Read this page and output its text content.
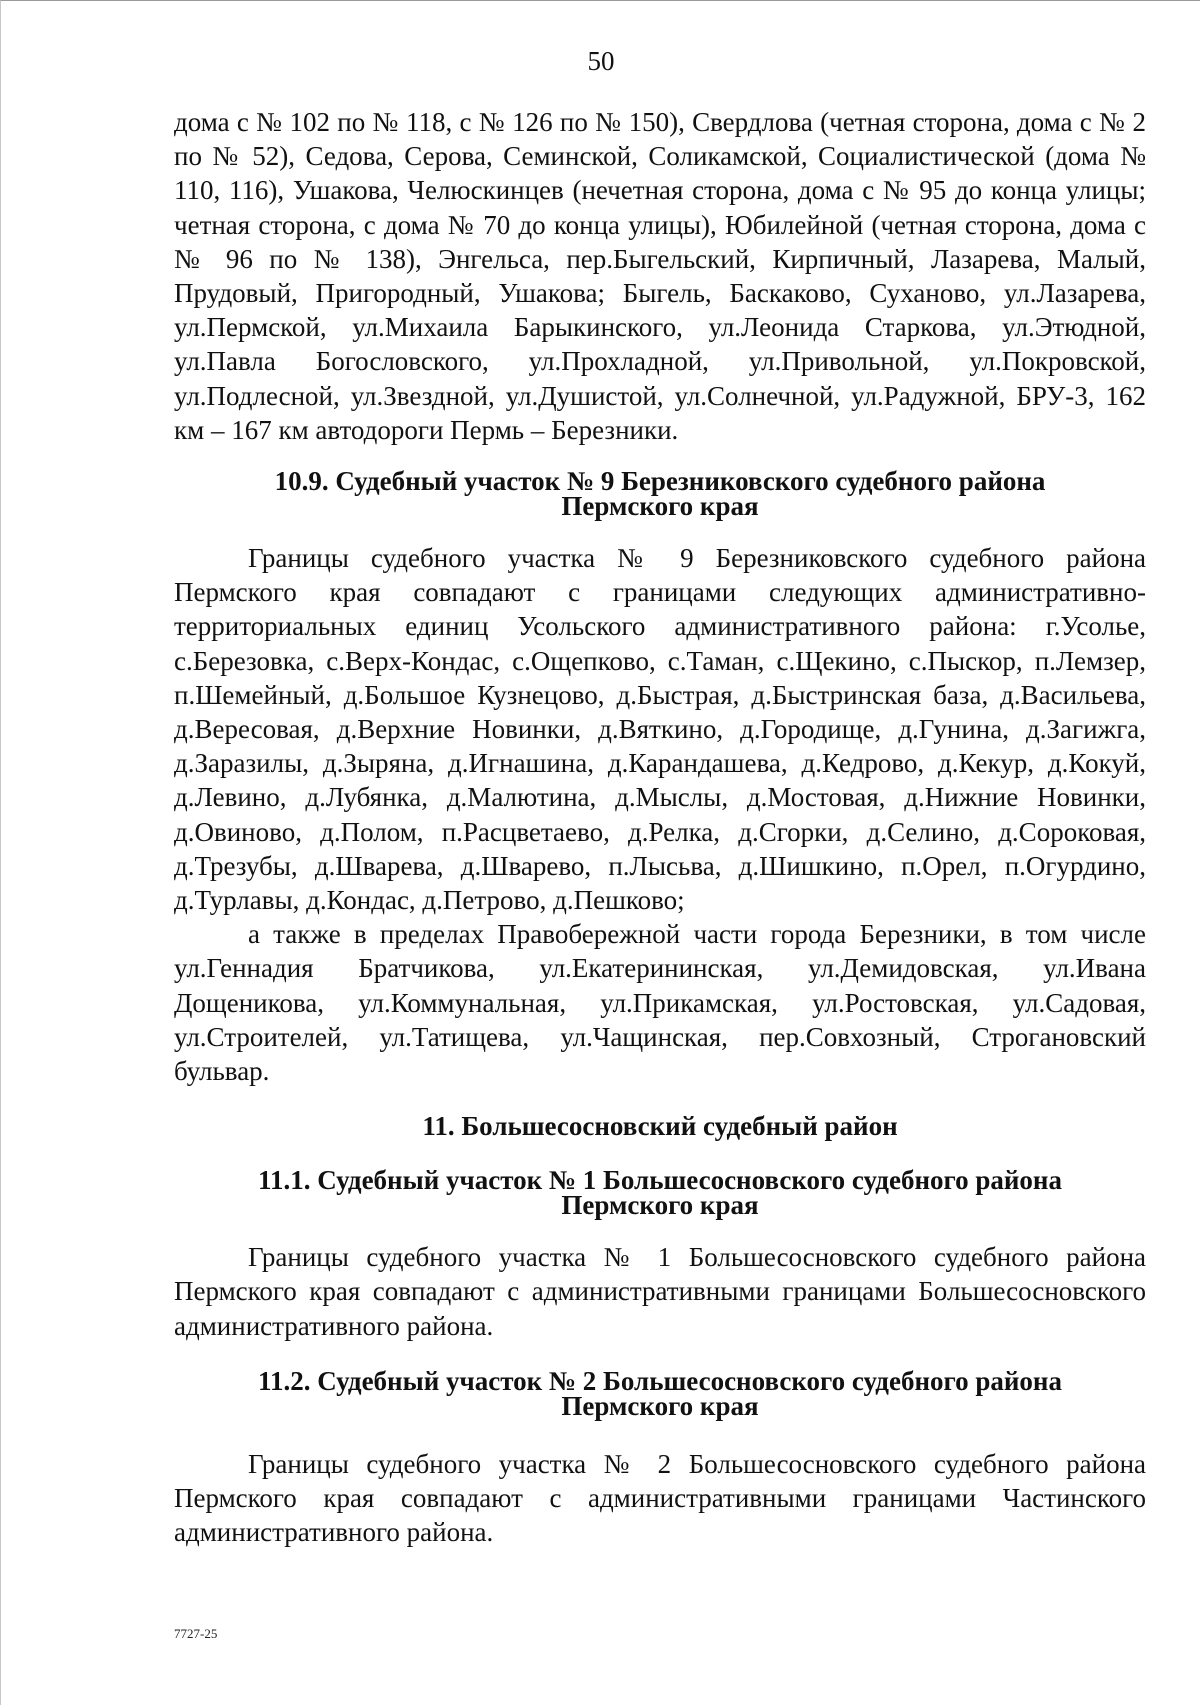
50

дома с № 102 по № 118, с № 126 по № 150), Свердлова (четная сторона, дома с № 2 по № 52), Седова, Серова, Семинской, Соликамской, Социалистической (дома № 110, 116), Ушакова, Челюскинцев (нечетная сторона, дома с № 95 до конца улицы; четная сторона, с дома № 70 до конца улицы), Юбилейной (четная сторона, дома с № 96 по № 138), Энгельса, пер.Быгельский, Кирпичный, Лазарева, Малый, Прудовый, Пригородный, Ушакова; Быгель, Баскаково, Суханово, ул.Лазарева, ул.Пермской, ул.Михаила Барыкинского, ул.Леонида Старкова, ул.Этюдной, ул.Павла Богословского, ул.Прохладной, ул.Привольной, ул.Покровской, ул.Подлесной, ул.Звездной, ул.Душистой, ул.Солнечной, ул.Радужной, БРУ-3, 162 км – 167 км автодороги Пермь – Березники.

10.9. Судебный участок № 9 Березниковского судебного района

Пермского края

Границы судебного участка № 9 Березниковского судебного района Пермского края совпадают с границами следующих административно-территориальных единиц Усольского административного района: г.Усолье, с.Березовка, с.Верх-Кондас, с.Ощепково, с.Таман, с.Щекино, с.Пыскор, п.Лемзер, п.Шемейный, д.Большое Кузнецово, д.Быстрая, д.Быстринская база, д.Васильева, д.Вересовая, д.Верхние Новинки, д.Вяткино, д.Городище, д.Гунина, д.Загижга, д.Заразилы, д.Зыряна, д.Игнашина, д.Карандашева, д.Кедрово, д.Кекур, д.Кокуй, д.Левино, д.Лубянка, д.Малютина, д.Мыслы, д.Мостовая, д.Нижние Новинки, д.Овиново, д.Полом, п.Расцветаево, д.Релка, д.Сгорки, д.Селино, д.Сороковая, д.Трезубы, д.Шварева, д.Шварево, п.Лысьва, д.Шишкино, п.Орел, п.Огурдино, д.Турлавы, д.Кондас, д.Петрово, д.Пешково;

а также в пределах Правобережной части города Березники, в том числе ул.Геннадия Братчикова, ул.Екатерининская, ул.Демидовская, ул.Ивана Дощеникова, ул.Коммунальная, ул.Прикамская, ул.Ростовская, ул.Садовая, ул.Строителей, ул.Татищева, ул.Чащинская, пер.Совхозный, Строгановский бульвар.

11. Большесосновский судебный район

11.1. Судебный участок № 1 Большесосновского судебного района

Пермского края

Границы судебного участка № 1 Большесосновского судебного района Пермского края совпадают с административными границами Большесосновского административного района.

11.2. Судебный участок № 2 Большесосновского судебного района

Пермского края

Границы судебного участка № 2 Большесосновского судебного района Пермского края совпадают с административными границами Частинского административного района.

7727-25
